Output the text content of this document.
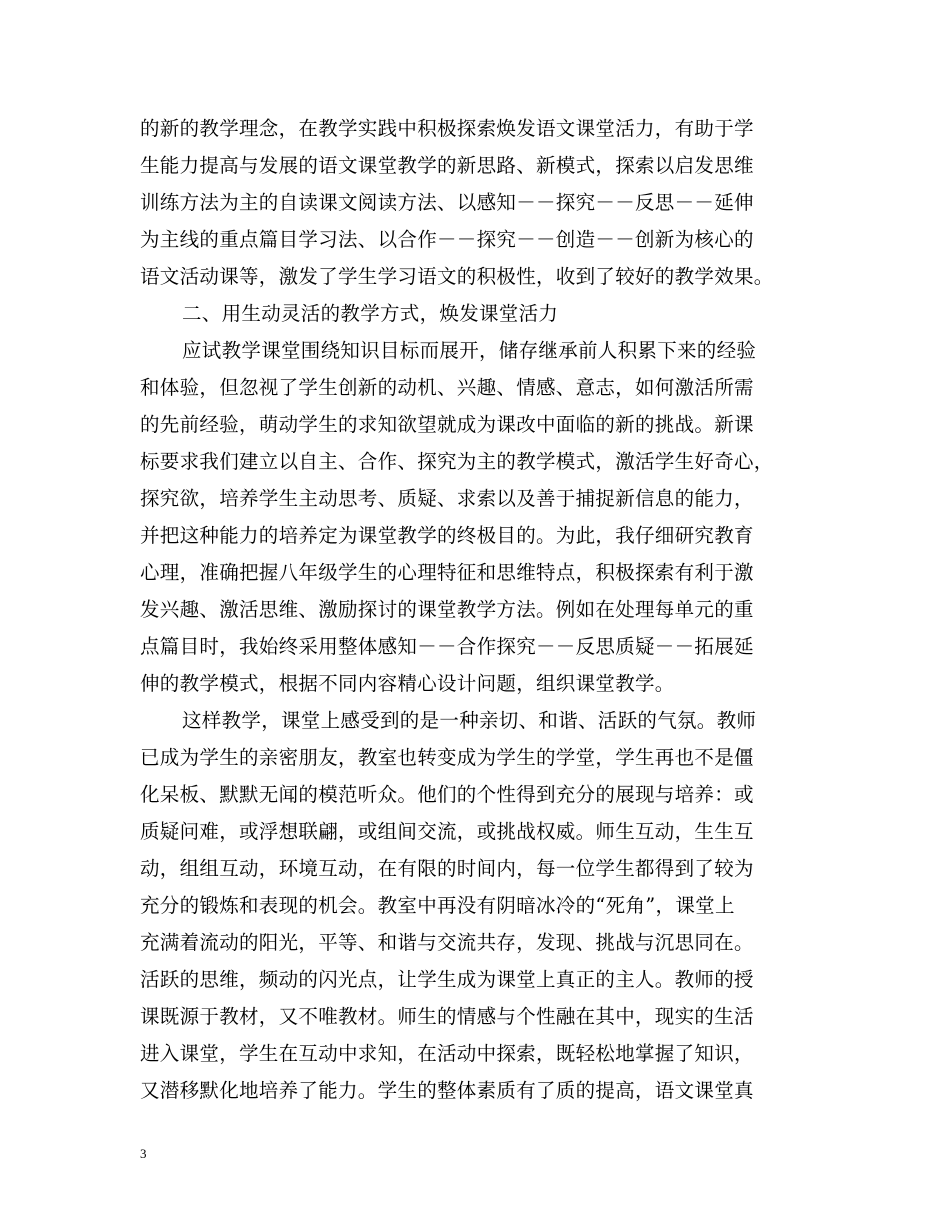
的新的教学理念，在教学实践中积极探索焕发语文课堂活力，有助于学
生能力提高与发展的语文课堂教学的新思路、新模式，探索以启发思维
训练方法为主的自读课文阅读方法、以感知－－探究－－反思－－延伸
为主线的重点篇目学习法、以合作－－探究－－创造－－创新为核心的
语文活动课等，激发了学生学习语文的积极性，收到了较好的教学效果。
二、用生动灵活的教学方式，焕发课堂活力
应试教学课堂围绕知识目标而展开，储存继承前人积累下来的经验
和体验，但忽视了学生创新的动机、兴趣、情感、意志，如何激活所需
的先前经验，萌动学生的求知欲望就成为课改中面临的新的挑战。新课
标要求我们建立以自主、合作、探究为主的教学模式，激活学生好奇心，
探究欲，培养学生主动思考、质疑、求索以及善于捕捉新信息的能力，
并把这种能力的培养定为课堂教学的终极目的。为此，我仔细研究教育
心理，准确把握八年级学生的心理特征和思维特点，积极探索有利于激
发兴趣、激活思维、激励探讨的课堂教学方法。例如在处理每单元的重
点篇目时，我始终采用整体感知－－合作探究－－反思质疑－－拓展延
伸的教学模式，根据不同内容精心设计问题，组织课堂教学。
这样教学，课堂上感受到的是一种亲切、和谐、活跃的气氛。教师
已成为学生的亲密朋友，教室也转变成为学生的学堂，学生再也不是僵
化呆板、默默无闻的模范听众。他们的个性得到充分的展现与培养：或
质疑问难，或浮想联翩，或组间交流，或挑战权威。师生互动，生生互
动，组组互动，环境互动，在有限的时间内，每一位学生都得到了较为
充分的锻炼和表现的机会。教室中再没有阴暗冰冷的“死角”，课堂上
充满着流动的阳光，平等、和谐与交流共存，发现、挑战与沉思同在。
活跃的思维，频动的闪光点，让学生成为课堂上真正的主人。教师的授
课既源于教材，又不唯教材。师生的情感与个性融在其中，现实的生活
进入课堂，学生在互动中求知，在活动中探索，既轻松地掌握了知识，
又潜移默化地培养了能力。学生的整体素质有了质的提高，语文课堂真
3
